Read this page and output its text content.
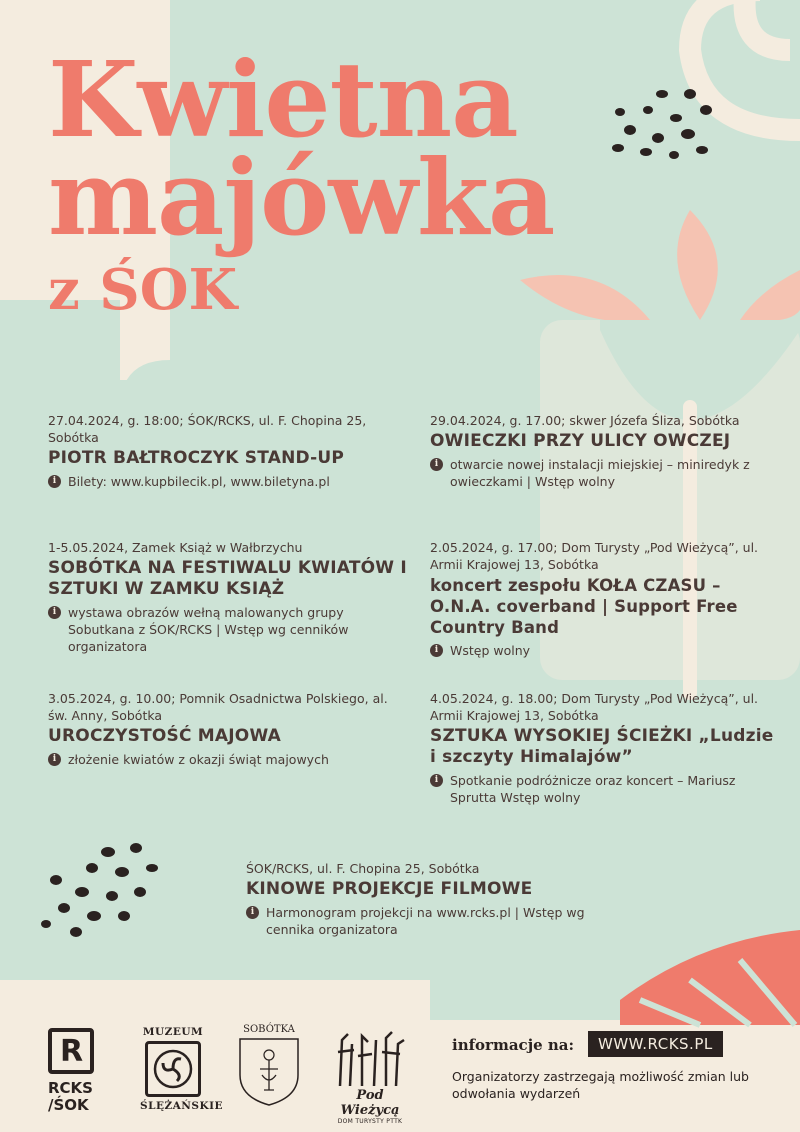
Kwietna
majówka
z ŚOK
27.04.2024, g. 18:00; ŚOK/RCKS, ul. F. Chopina 25, Sobótka
PIOTR BAŁTROCZYK STAND-UP
i Bilety: www.kupbilecik.pl, www.biletyna.pl
29.04.2024, g. 17.00; skwer Józefa Śliza, Sobótka
OWIECZKI PRZY ULICY OWCZEJ
i otwarcie nowej instalacji miejskiej – miniredyk z owieczkami | Wstęp wolny
1-5.05.2024, Zamek Książ w Wałbrzychu
SOBÓTKA NA FESTIWALU KWIATÓW I SZTUKI W ZAMKU KSIĄŻ
i wystawa obrazów wełną malowanych grupy Sobutkana z ŚOK/RCKS | Wstęp wg cenników organizatora
2.05.2024, g. 17.00; Dom Turysty „Pod Wieżycą”, ul. Armii Krajowej 13, Sobótka
koncert zespołu KOŁA CZASU – O.N.A. coverband | Support Free Country Band
i Wstęp wolny
3.05.2024, g. 10.00; Pomnik Osadnictwa Polskiego, al. św. Anny, Sobótka
UROCZYSTOŚĆ MAJOWA
i złożenie kwiatów z okazji świąt majowych
4.05.2024, g. 18.00; Dom Turysty „Pod Wieżycą”, ul. Armii Krajowej 13, Sobótka
SZTUKA WYSOKIEJ ŚCIEŻKI „Ludzie i szczyty Himalajów”
i Spotkanie podróżnicze oraz koncert – Mariusz Sprutta Wstęp wolny
ŚOK/RCKS, ul. F. Chopina 25, Sobótka
KINOWE PROJEKCJE FILMOWE
i Harmonogram projekcji na www.rcks.pl | Wstęp wg cennika organizatora
R
RCKS
/ŚOK
MUZEUM
ŚLĘŻAŃSKIE
SOBÓTKA
Pod Wieżycą
DOM TURYSTY PTTK
informacje na:	WWW.RCKS.PL
Organizatorzy zastrzegają możliwość zmian lub odwołania wydarzeń
